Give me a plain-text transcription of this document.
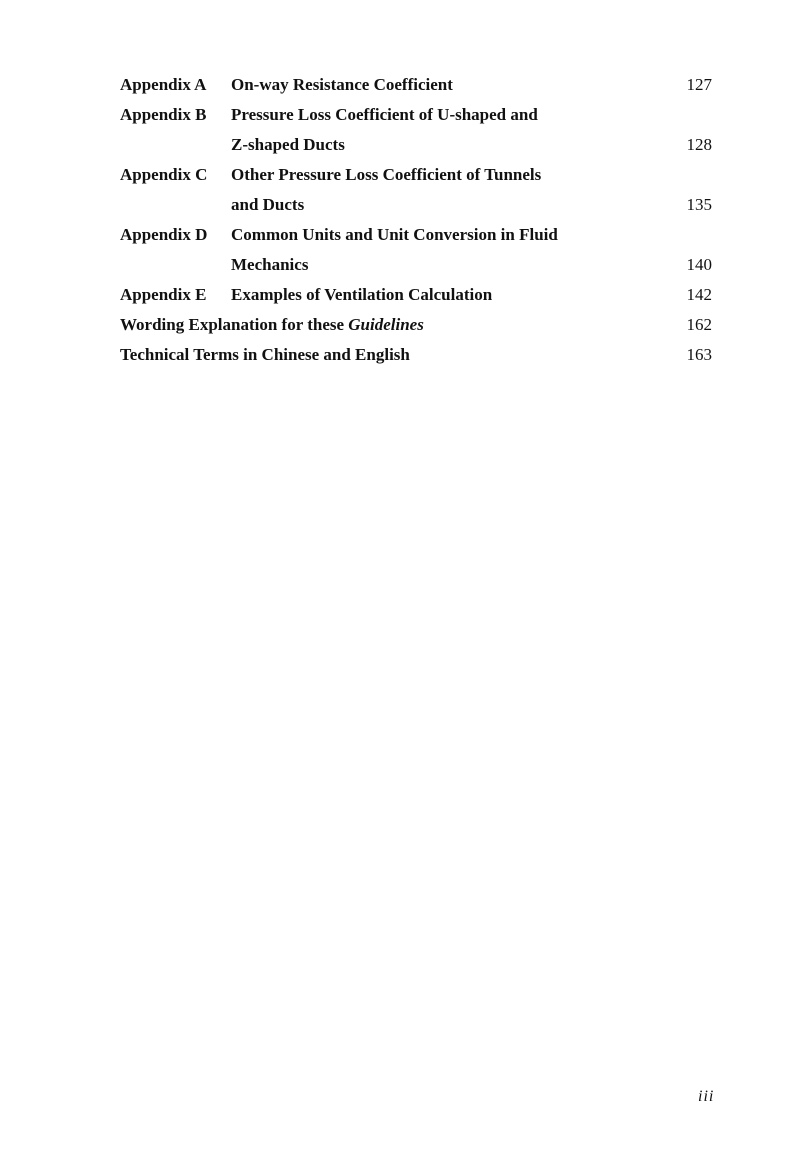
Appendix A On-way Resistance Coefficient	127
Appendix B Pressure Loss Coefficient of U-shaped and
Z-shaped Ducts	128
Appendix C Other Pressure Loss Coefficient of Tunnels
and Ducts	135
Appendix D Common Units and Unit Conversion in Fluid
Mechanics	140
Appendix E Examples of Ventilation Calculation	142
Wording Explanation for these Guidelines	162
Technical Terms in Chinese and English	163
iii
